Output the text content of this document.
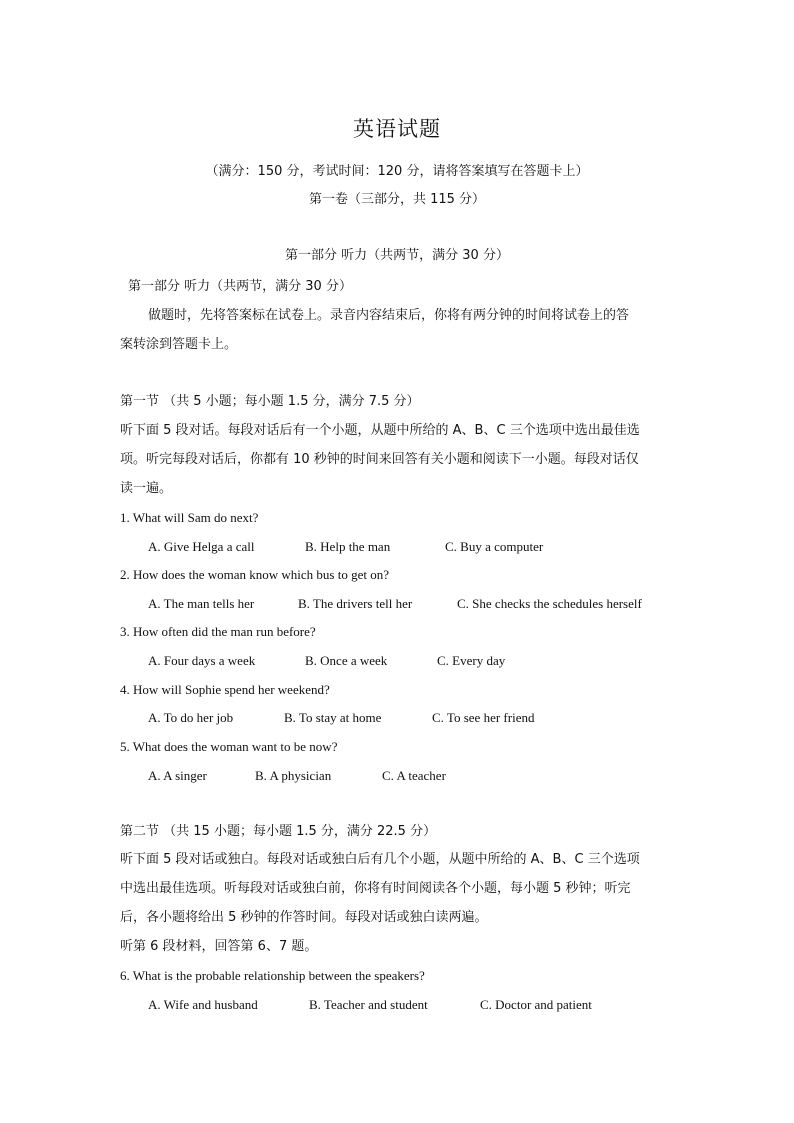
英语试题
（满分：150 分，考试时间：120 分，请将答案填写在答题卡上）
第一卷（三部分，共 115 分）
第一部分 听力（共两节，满分 30 分）
第一部分 听力（共两节，满分 30 分）
做题时，先将答案标在试卷上。录音内容结束后，你将有两分钟的时间将试卷上的答
案转涂到答题卡上。
第一节 （共 5 小题；每小题 1.5 分，满分 7.5 分）
听下面 5 段对话。每段对话后有一个小题，从题中所给的 A、B、C 三个选项中选出最佳选
项。听完每段对话后，你都有 10 秒钟的时间来回答有关小题和阅读下一小题。每段对话仅
读一遍。
1. What will Sam do next?
A. Give Helga a call	B. Help the man	C. Buy a computer
2. How does the woman know which bus to get on?
A. The man tells her	B. The drivers tell her	C. She checks the schedules herself
3. How often did the man run before?
A. Four days a week	B. Once a week	C. Every day
4. How will Sophie spend her weekend?
A. To do her job	B. To stay at home	C. To see her friend
5. What does the woman want to be now?
A. A singer	B. A physician	C. A teacher
第二节 （共 15 小题；每小题 1.5 分，满分 22.5 分）
听下面 5 段对话或独白。每段对话或独白后有几个小题，从题中所给的 A、B、C 三个选项
中选出最佳选项。听每段对话或独白前，你将有时间阅读各个小题，每小题 5 秒钟；听完
后，各小题将给出 5 秒钟的作答时间。每段对话或独白读两遍。
听第 6 段材料，回答第 6、7 题。
6. What is the probable relationship between the speakers?
A. Wife and husband	B. Teacher and student	C. Doctor and patient
